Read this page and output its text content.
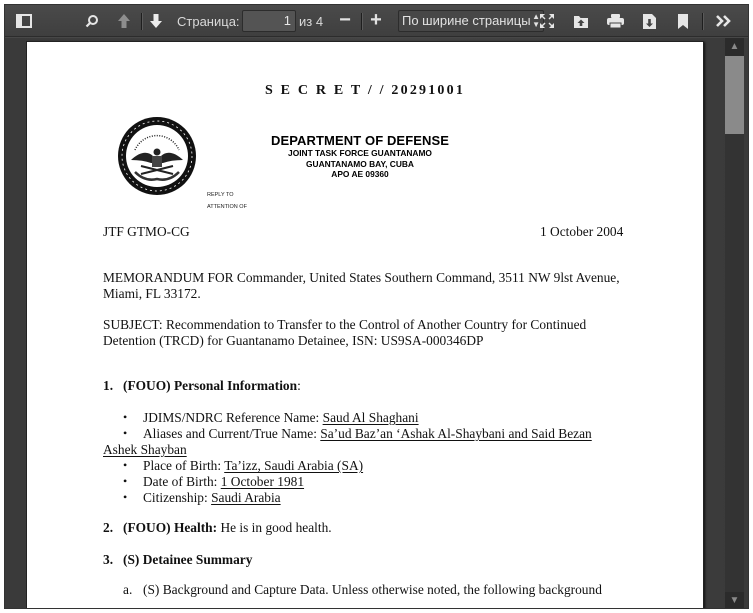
Страница:	1 из 4 − +	По ширине страницы ▲
▼
S E C R E T / / 20291001
DEPARTMENT OF DEFENSE
JOINT TASK FORCE GUANTANAMO
GUANTANAMO BAY, CUBA
APO AE 09360
REPLY TO
ATTENTION OF
JTF GTMO-CG	1 October 2004
MEMORANDUM FOR Commander, United States Southern Command, 3511 NW 9lst Avenue,
Miami, FL 33172.
SUBJECT: Recommendation to Transfer to the Control of Another Country for Continued
Detention (TRCD) for Guantanamo Detainee, ISN: US9SA-000346DP
1. (FOUO) Personal Information:
• JDIMS/NDRC Reference Name: Saud Al Shaghani
• Aliases and Current/True Name: Sa’ud Baz’an ‘Ashak Al-Shaybani and Said Bezan
Ashek Shayban
• Place of Birth: Ta’izz, Saudi Arabia (SA)
• Date of Birth: 1 October 1981
• Citizenship: Saudi Arabia
2. (FOUO) Health: He is in good health.
3. (S) Detainee Summary
a. (S) Background and Capture Data. Unless otherwise noted, the following background
▲
▼
